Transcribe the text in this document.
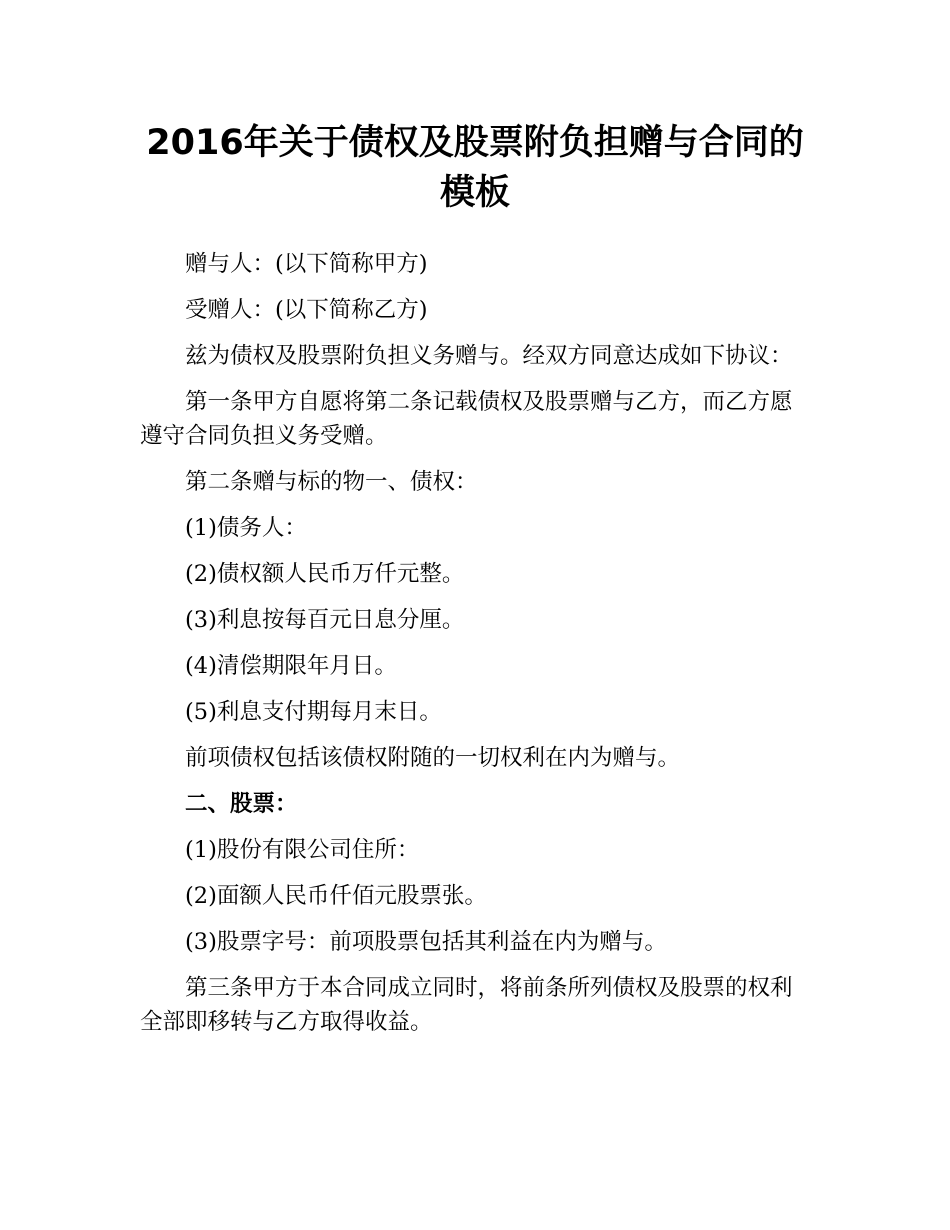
2016年关于债权及股票附负担赠与合同的模板

赠与人：(以下简称甲方)

受赠人：(以下简称乙方)

兹为债权及股票附负担义务赠与。经双方同意达成如下协议：

第一条甲方自愿将第二条记载债权及股票赠与乙方，而乙方愿遵守合同负担义务受赠。

第二条赠与标的物一、债权：

(1)债务人：

(2)债权额人民币万仟元整。

(3)利息按每百元日息分厘。

(4)清偿期限年月日。

(5)利息支付期每月末日。

前项债权包括该债权附随的一切权利在内为赠与。

二、股票：

(1)股份有限公司住所：

(2)面额人民币仟佰元股票张。

(3)股票字号：前项股票包括其利益在内为赠与。

第三条甲方于本合同成立同时，将前条所列债权及股票的权利全部即移转与乙方取得收益。
